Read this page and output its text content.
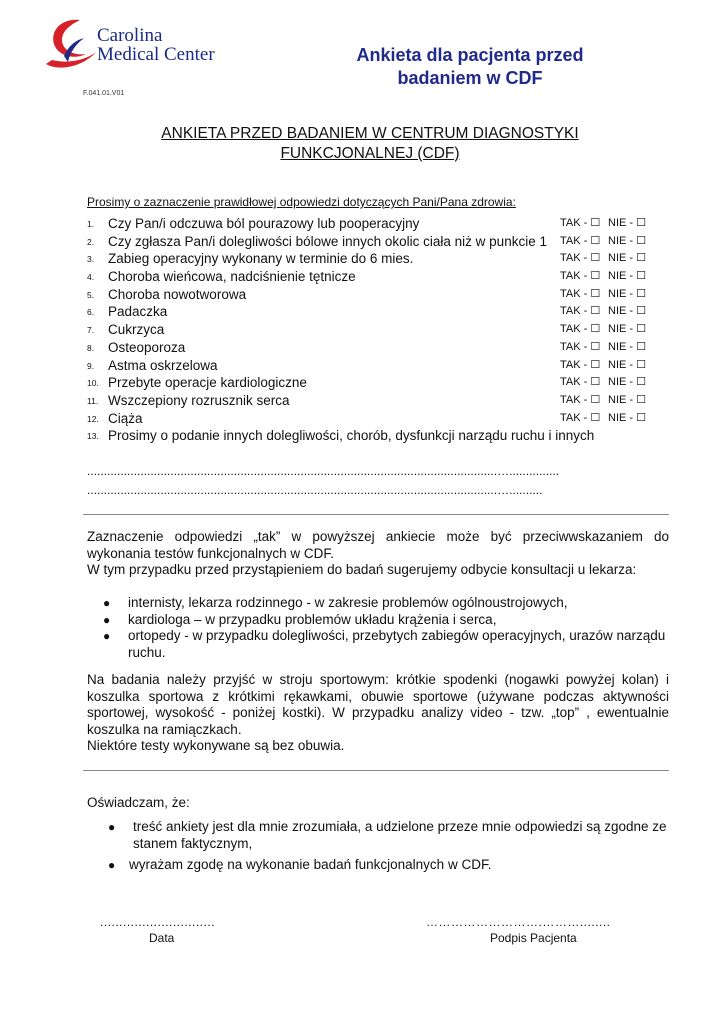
Carolina
Medical Center
F.041.01.V01
Ankieta dla pacjenta przed
badaniem w CDF
ANKIETA PRZED BADANIEM W CENTRUM DIAGNOSTYKI
FUNKCJONALNEJ (CDF)
Prosimy o zaznaczenie prawidłowej odpowiedzi dotyczących Pani/Pana zdrowia:
1. Czy Pan/i odczuwa ból pourazowy lub pooperacyjny	TAK - ☐ NIE - ☐
2. Czy zgłasza Pan/i dolegliwości bólowe innych okolic ciała niż w punkcie 1 TAK - ☐ NIE - ☐
3. Zabieg operacyjny wykonany w terminie do 6 mies.	TAK - ☐ NIE - ☐
4. Choroba wieńcowa, nadciśnienie tętnicze	TAK - ☐ NIE - ☐
5. Choroba nowotworowa	TAK - ☐ NIE - ☐
6. Padaczka	TAK - ☐ NIE - ☐
7. Cukrzyca	TAK - ☐ NIE - ☐
8. Osteoporoza	TAK - ☐ NIE - ☐
9. Astma oskrzelowa	TAK - ☐ NIE - ☐
10. Przebyte operacje kardiologiczne	TAK - ☐ NIE - ☐
11. Wszczepiony rozrusznik serca	TAK - ☐ NIE - ☐
12. Ciąża	TAK - ☐ NIE - ☐
13. Prosimy o podanie innych dolegliwości, chorób, dysfunkcji narządu ruchu i innych
...........................................................................................................................…...............
...........................................................................................................................…..........

Zaznaczenie odpowiedzi „tak” w powyższej ankiecie może być przeciwwskazaniem do wykonania testów funkcjonalnych w CDF.

W tym przypadku przed przystąpieniem do badań sugerujemy odbycie konsultacji u lekarza:

● internisty, lekarza rodzinnego - w zakresie problemów ogólnoustrojowych,
● kardiologa – w przypadku problemów układu krążenia i serca,
● ortopedy - w przypadku dolegliwości, przebytych zabiegów operacyjnych, urazów narządu ruchu.

Na badania należy przyjść w stroju sportowym: krótkie spodenki (nogawki powyżej kolan) i koszulka sportowa z krótkimi rękawkami, obuwie sportowe (używane podczas aktywności sportowej, wysokość - poniżej kostki). W przypadku analizy video - tzw. „top” , ewentualnie koszulka na ramiączkach.

Niektóre testy wykonywane są bez obuwia.

Oświadczam, że:
● treść ankiety jest dla mnie zrozumiała, a udzielone przeze mnie odpowiedzi są zgodne ze stanem faktycznym,
● wyrażam zgodę na wykonanie badań funkcjonalnych w CDF.
..............................
Data
……………………….………........
Podpis Pacjenta
